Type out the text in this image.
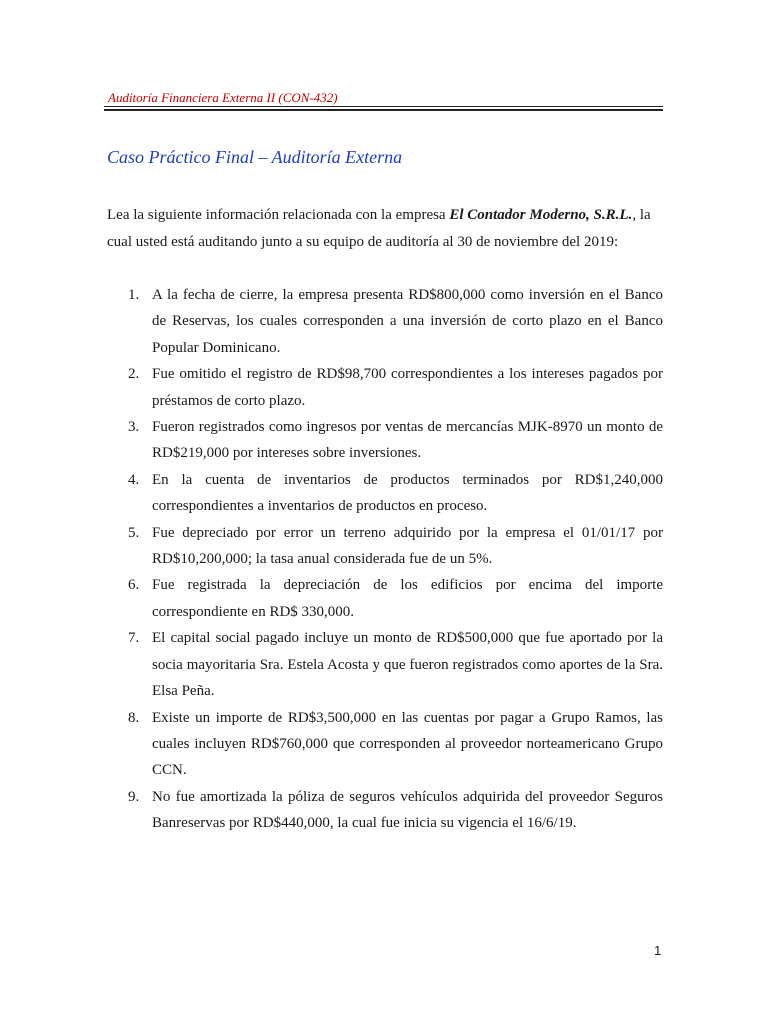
Auditoría Financiera Externa II (CON-432)
Caso Práctico Final – Auditoría Externa

Lea la siguiente información relacionada con la empresa El Contador Moderno, S.R.L., la cual usted está auditando junto a su equipo de auditoría al 30 de noviembre del 2019:

1. A la fecha de cierre, la empresa presenta RD$800,000 como inversión en el Banco de Reservas, los cuales corresponden a una inversión de corto plazo en el Banco Popular Dominicano.
2. Fue omitido el registro de RD$98,700 correspondientes a los intereses pagados por préstamos de corto plazo.
3. Fueron registrados como ingresos por ventas de mercancías MJK-8970 un monto de RD$219,000 por intereses sobre inversiones.
4. En la cuenta de inventarios de productos terminados por RD$1,240,000 correspondientes a inventarios de productos en proceso.
5. Fue depreciado por error un terreno adquirido por la empresa el 01/01/17 por RD$10,200,000; la tasa anual considerada fue de un 5%.
6. Fue registrada la depreciación de los edificios por encima del importe correspondiente en RD$ 330,000.
7. El capital social pagado incluye un monto de RD$500,000 que fue aportado por la socia mayoritaria Sra. Estela Acosta y que fueron registrados como aportes de la Sra. Elsa Peña.
8. Existe un importe de RD$3,500,000 en las cuentas por pagar a Grupo Ramos, las cuales incluyen RD$760,000 que corresponden al proveedor norteamericano Grupo CCN.
9. No fue amortizada la póliza de seguros vehículos adquirida del proveedor Seguros Banreservas por RD$440,000, la cual fue inicia su vigencia el 16/6/19.
1
